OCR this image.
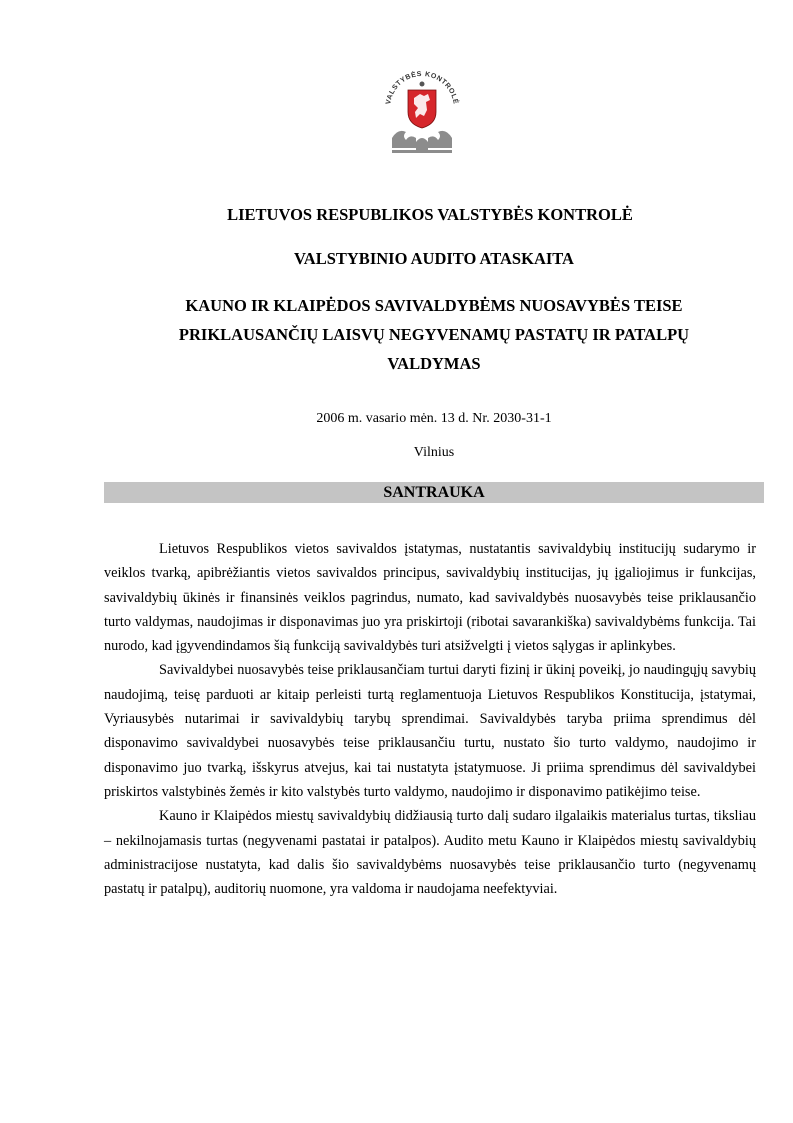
VALSTYBĖS KONTROLĖ
LIETUVOS RESPUBLIKOS VALSTYBĖS KONTROLĖ
VALSTYBINIO AUDITO ATASKAITA
KAUNO IR KLAIPĖDOS SAVIVALDYBĖMS NUOSAVYBĖS TEISE
PRIKLAUSANČIŲ LAISVŲ NEGYVENAMŲ PASTATŲ IR PATALPŲ
VALDYMAS
2006 m. vasario mėn. 13 d. Nr. 2030-31-1
Vilnius
SANTRAUKA

Lietuvos Respublikos vietos savivaldos įstatymas, nustatantis savivaldybių institucijų sudarymo ir veiklos tvarką, apibrėžiantis vietos savivaldos principus, savivaldybių institucijas, jų įgaliojimus ir funkcijas, savivaldybių ūkinės ir finansinės veiklos pagrindus, numato, kad savivaldybės nuosavybės teise priklausančio turto valdymas, naudojimas ir disponavimas juo yra priskirtoji (ribotai savarankiška) savivaldybėms funkcija. Tai nurodo, kad įgyvendindamos šią funkciją savivaldybės turi atsižvelgti į vietos sąlygas ir aplinkybes.

Savivaldybei nuosavybės teise priklausančiam turtui daryti fizinį ir ūkinį poveikį, jo naudingųjų savybių naudojimą, teisę parduoti ar kitaip perleisti turtą reglamentuoja Lietuvos Respublikos Konstitucija, įstatymai, Vyriausybės nutarimai ir savivaldybių tarybų sprendimai. Savivaldybės taryba priima sprendimus dėl disponavimo savivaldybei nuosavybės teise priklausančiu turtu, nustato šio turto valdymo, naudojimo ir disponavimo juo tvarką, išskyrus atvejus, kai tai nustatyta įstatymuose. Ji priima sprendimus dėl savivaldybei priskirtos valstybinės žemės ir kito valstybės turto valdymo, naudojimo ir disponavimo patikėjimo teise.

Kauno ir Klaipėdos miestų savivaldybių didžiausią turto dalį sudaro ilgalaikis materialus turtas, tiksliau – nekilnojamasis turtas (negyvenami pastatai ir patalpos). Audito metu Kauno ir Klaipėdos miestų savivaldybių administracijose nustatyta, kad dalis šio savivaldybėms nuosavybės teise priklausančio turto (negyvenamų pastatų ir patalpų), auditorių nuomone, yra valdoma ir naudojama neefektyviai.
